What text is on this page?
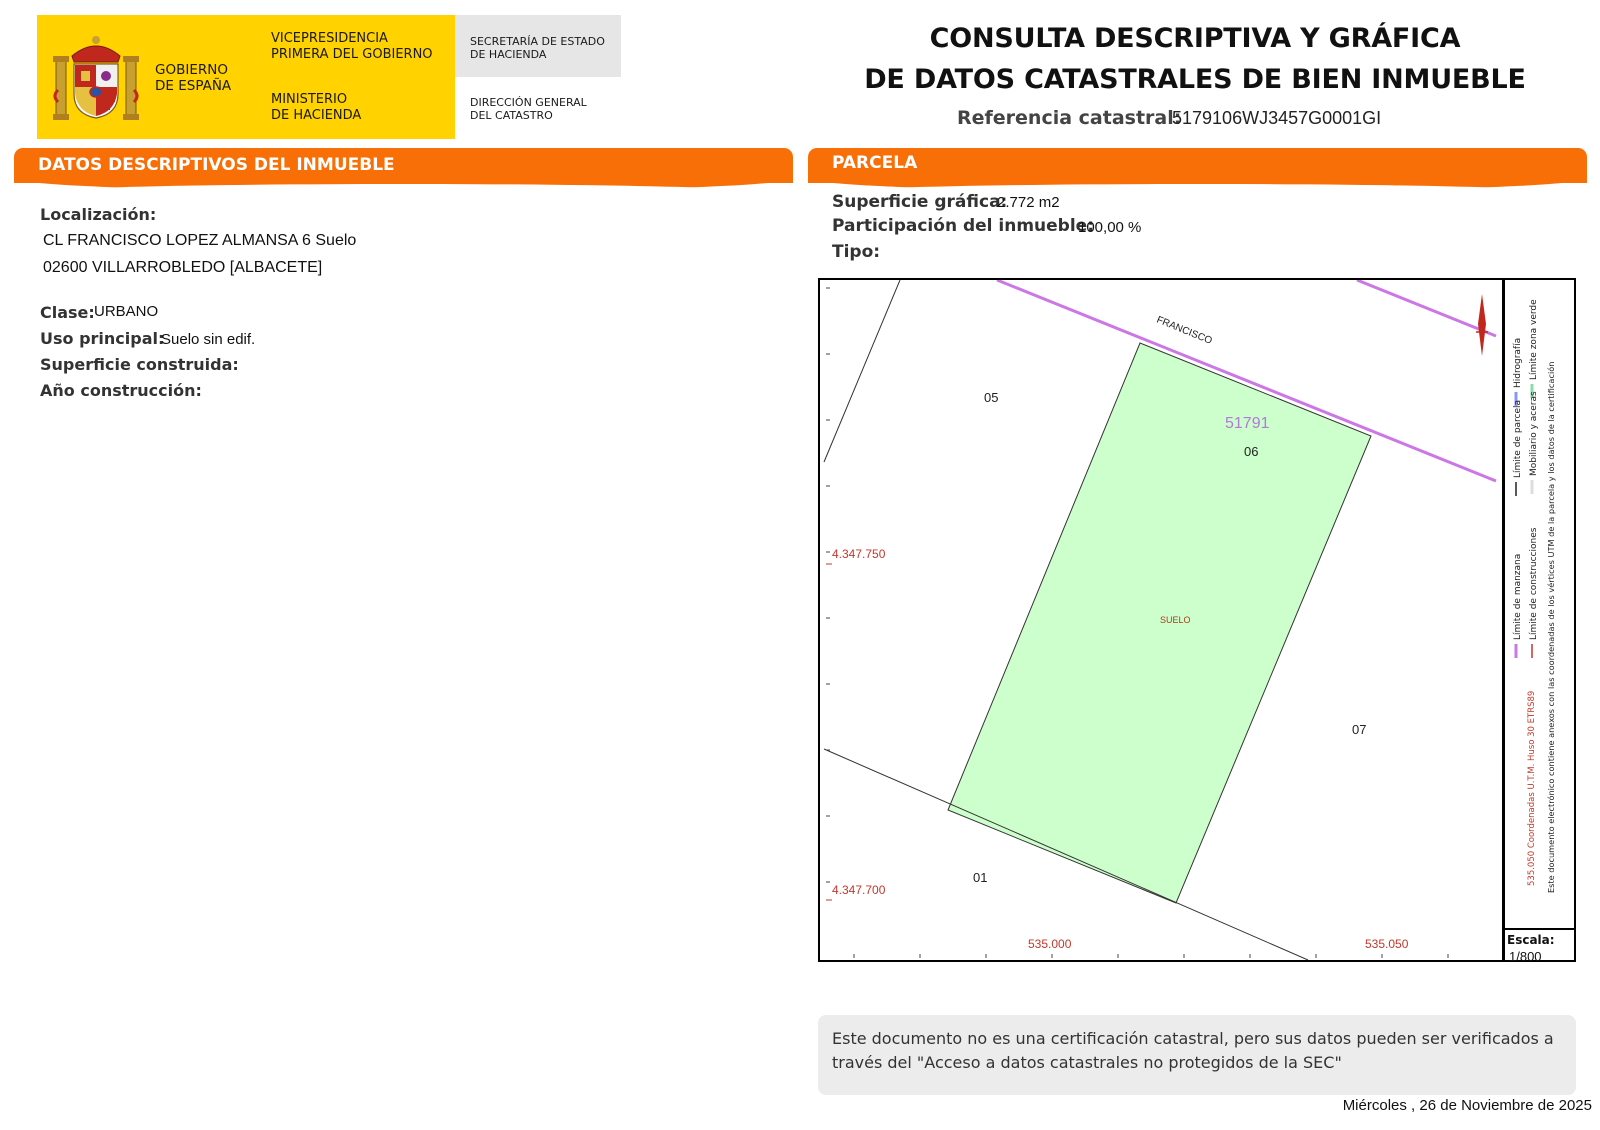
GOBIERNO
DE ESPAÑA
VICEPRESIDENCIA
PRIMERA DEL GOBIERNO
MINISTERIO
DE HACIENDA
SECRETARÍA DE ESTADO
DE HACIENDA
DIRECCIÓN GENERAL
DEL CATASTRO
CONSULTA DESCRIPTIVA Y GRÁFICA
DE DATOS CATASTRALES DE BIEN INMUEBLE
Referencia catastral:
5179106WJ3457G0001GI
DATOS DESCRIPTIVOS DEL INMUEBLE	PARCELA
Localización:
CL FRANCISCO LOPEZ ALMANSA 6 Suelo
02600 VILLARROBLEDO [ALBACETE]
Clase: URBANO
Uso principal:
Suelo sin edif.
Superficie construida:
Año construcción:
Superficie gráfica:
2.772 m2
Participación del inmueble:
100,00 %
Tipo:
FRANCISCO
51791
05
06
07
01
SUELO
4.347.750
4.347.700
535.000	535.050
Hidrografía
Límite de parcela
Límite de manzana
Límite zona verde
Mobiliario y aceras
Límite de construcciones
535.050 Coordenadas U.T.M. Huso 30 ETRS89 Este documento electrónico contiene anexos con las coordenadas de los vértices UTM de la parcela y los datos de la certificación
Escala:
1/800
Este documento no es una certificación catastral, pero sus datos pueden ser verificados a través del "Acceso a datos catastrales no protegidos de la SEC"
Miércoles , 26 de Noviembre de 2025
